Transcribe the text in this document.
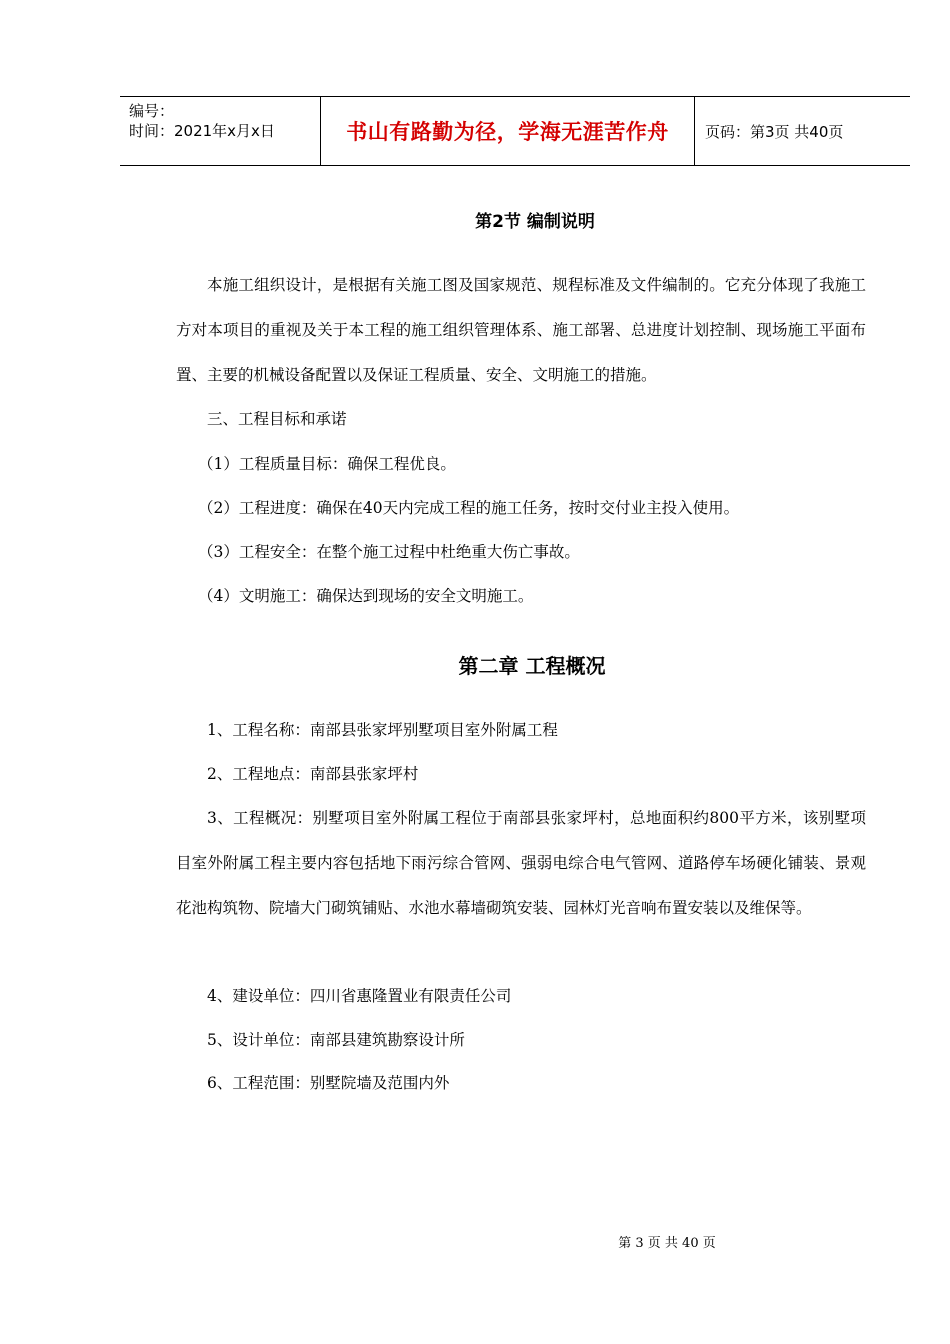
编号：
时间：2021年x月x日	书山有路勤为径，学海无涯苦作舟 页码：第3页 共40页
第2节 编制说明
本施工组织设计，是根据有关施工图及国家规范、规程标准及文件编制的。它充分体现了我施工方对本项目的重视及关于本工程的施工组织管理体系、施工部署、总进度计划控制、现场施工平面布置、主要的机械设备配置以及保证工程质量、安全、文明施工的措施。
三、工程目标和承诺
（1）工程质量目标：确保工程优良。
（2）工程进度：确保在40天内完成工程的施工任务，按时交付业主投入使用。
（3）工程安全：在整个施工过程中杜绝重大伤亡事故。
（4）文明施工：确保达到现场的安全文明施工。
第二章 工程概况
1、工程名称：南部县张家坪别墅项目室外附属工程
2、工程地点：南部县张家坪村
3、工程概况：别墅项目室外附属工程位于南部县张家坪村，总地面积约800平方米，该别墅项目室外附属工程主要内容包括地下雨污综合管网、强弱电综合电气管网、道路停车场硬化铺装、景观花池构筑物、院墙大门砌筑铺贴、水池水幕墙砌筑安装、园林灯光音响布置安装以及维保等。
4、建设单位：四川省惠隆置业有限责任公司
5、设计单位：南部县建筑勘察设计所
6、工程范围：别墅院墙及范围内外
第 3 页 共 40 页
